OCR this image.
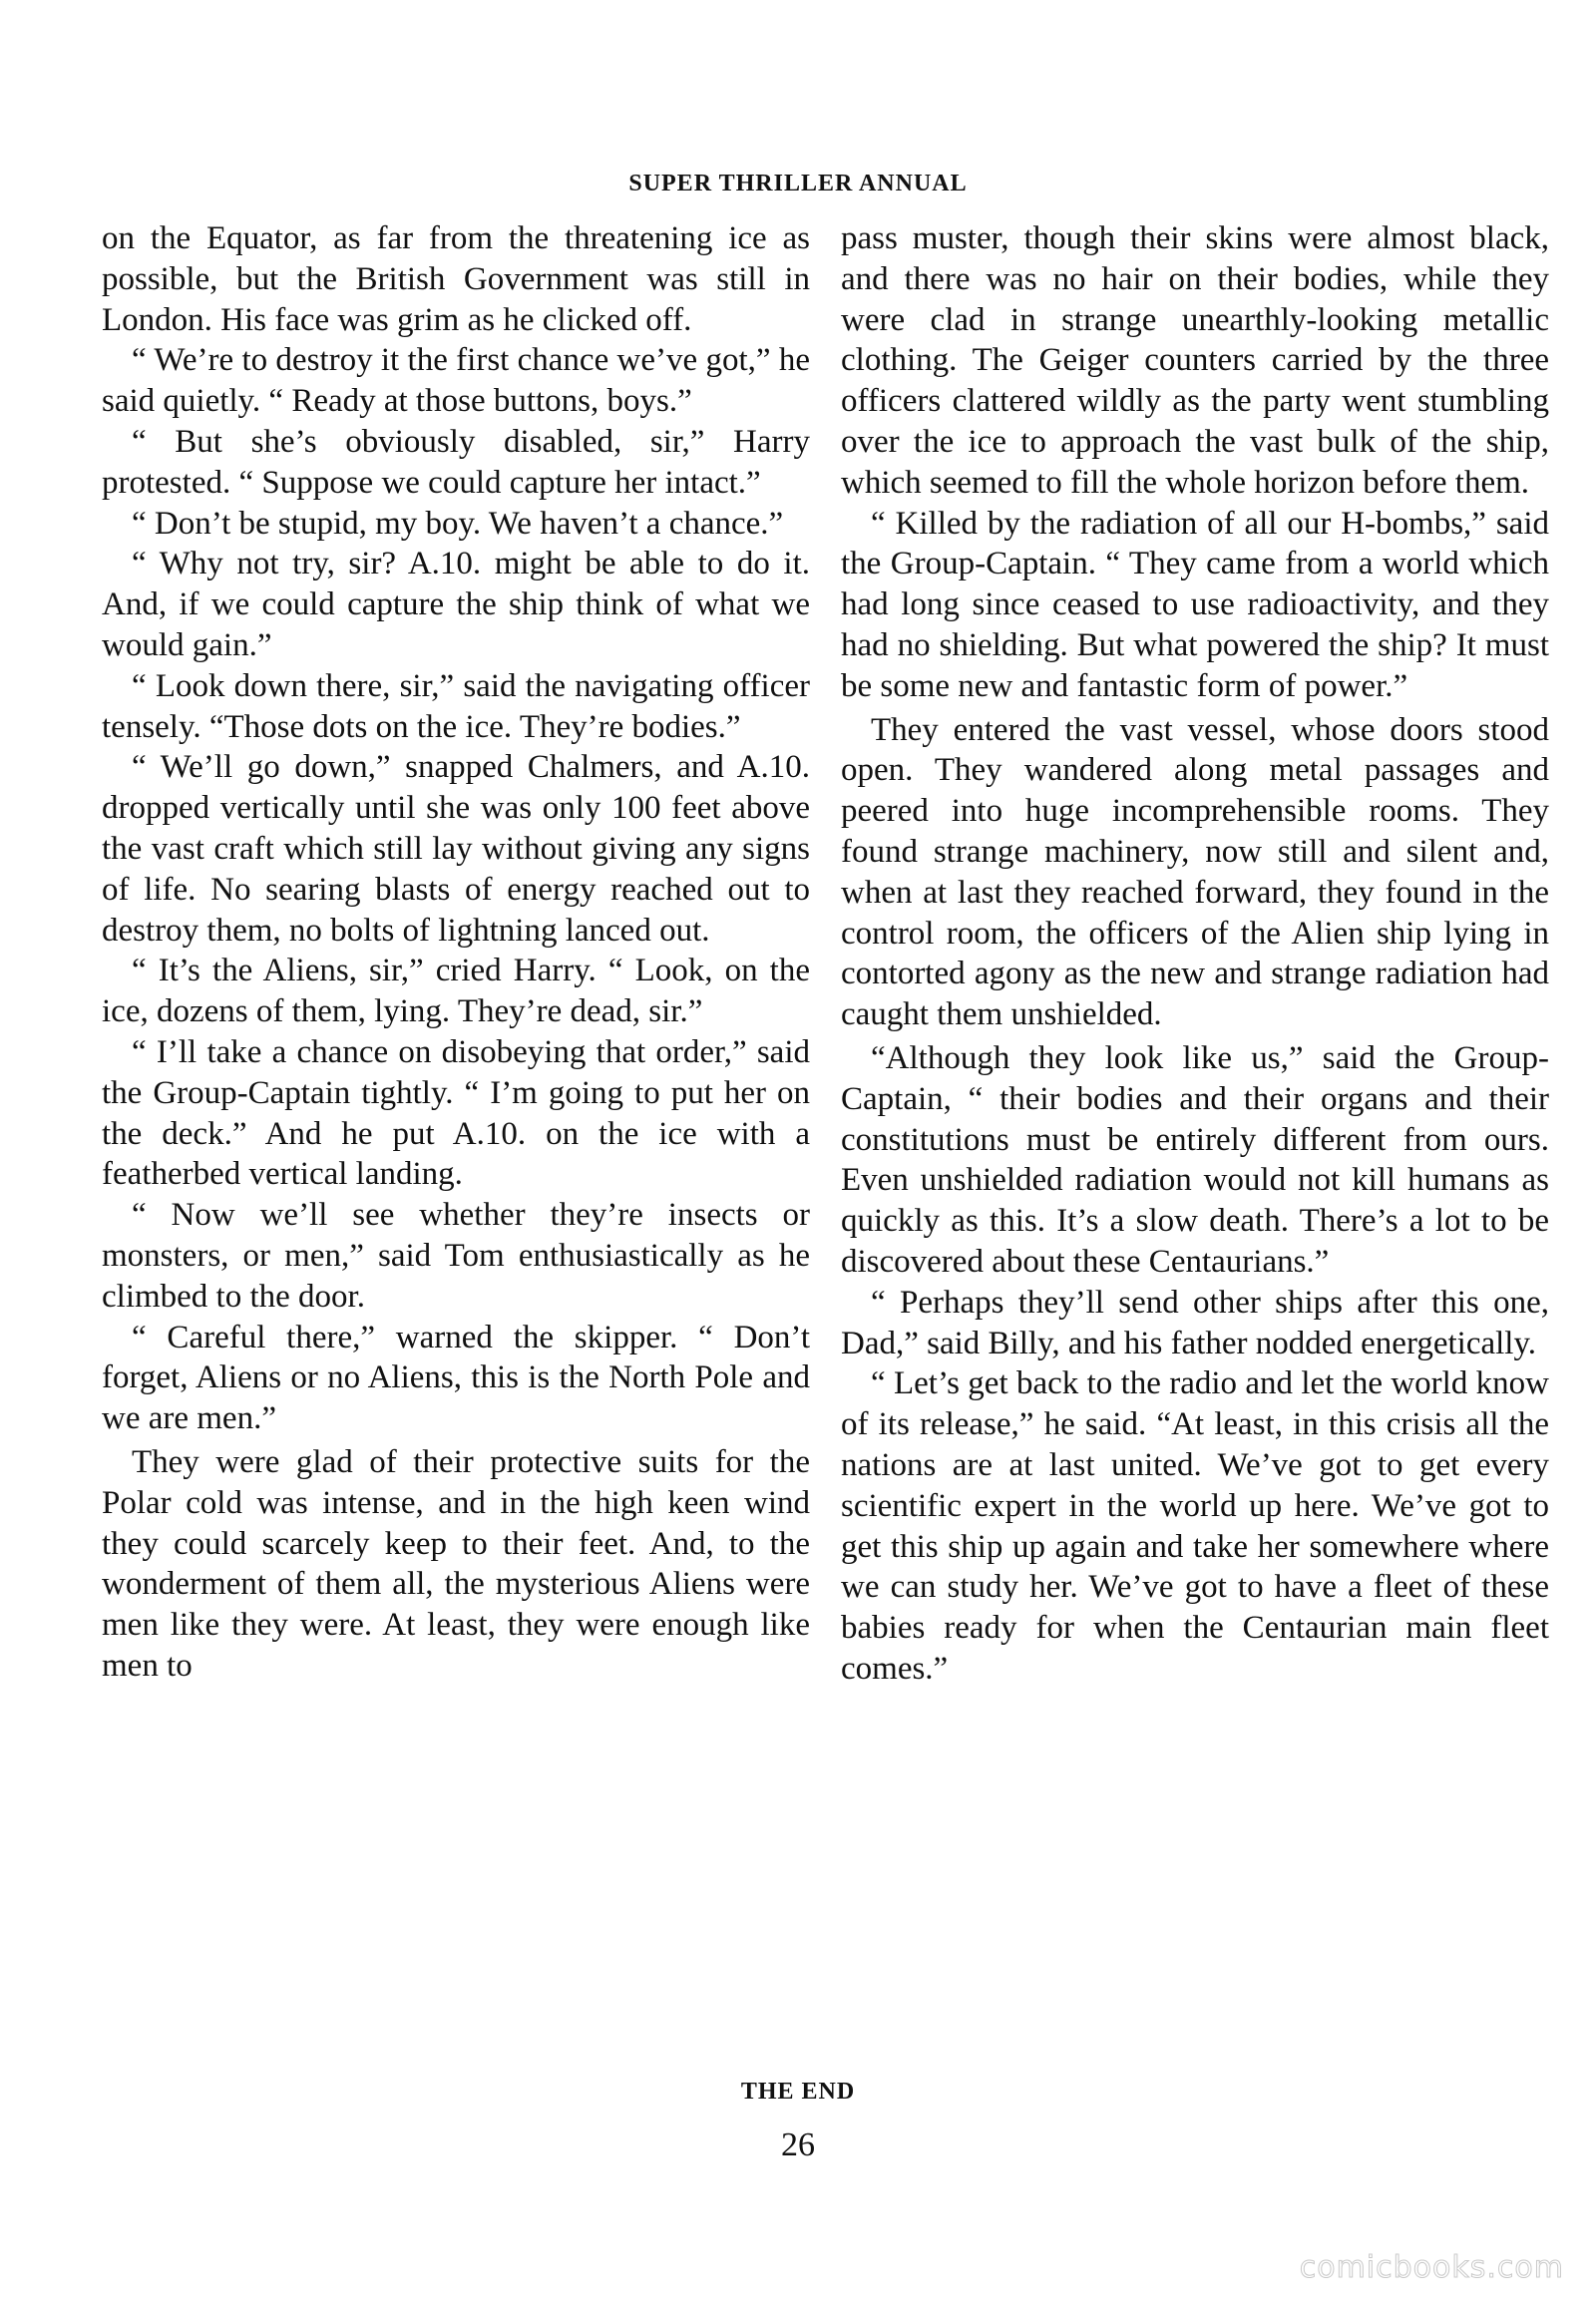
SUPER THRILLER ANNUAL

on the Equator, as far from the threatening ice as possible, but the British Government was still in London. His face was grim as he clicked off.

“ We’re to destroy it the first chance we’ve got,” he said quietly. “ Ready at those buttons, boys.”

“ But she’s obviously disabled, sir,” Harry protested. “ Suppose we could capture her intact.”

“ Don’t be stupid, my boy. We haven’t a chance.”

“ Why not try, sir? A.10. might be able to do it. And, if we could capture the ship think of what we would gain.”

“ Look down there, sir,” said the navigating officer tensely. “Those dots on the ice. They’re bodies.”

“ We’ll go down,” snapped Chalmers, and A.10. dropped vertically until she was only 100 feet above the vast craft which still lay without giving any signs of life. No searing blasts of energy reached out to destroy them, no bolts of lightning lanced out.

“ It’s the Aliens, sir,” cried Harry. “ Look, on the ice, dozens of them, lying. They’re dead, sir.”

“ I’ll take a chance on disobeying that order,” said the Group-Captain tightly. “ I’m going to put her on the deck.” And he put A.10. on the ice with a featherbed vertical landing.

“ Now we’ll see whether they’re insects or monsters, or men,” said Tom enthusiastically as he climbed to the door.

“ Careful there,” warned the skipper. “ Don’t forget, Aliens or no Aliens, this is the North Pole and we are men.”

They were glad of their protective suits for the Polar cold was intense, and in the high keen wind they could scarcely keep to their feet. And, to the wonderment of them all, the mysterious Aliens were men like they were. At least, they were enough like men to

pass muster, though their skins were almost black, and there was no hair on their bodies, while they were clad in strange unearthly-looking metallic clothing. The Geiger counters carried by the three officers clattered wildly as the party went stumbling over the ice to approach the vast bulk of the ship, which seemed to fill the whole horizon before them.

“ Killed by the radiation of all our H-bombs,” said the Group-Captain. “ They came from a world which had long since ceased to use radioactivity, and they had no shielding. But what powered the ship? It must be some new and fantastic form of power.”

They entered the vast vessel, whose doors stood open. They wandered along metal passages and peered into huge incomprehensible rooms. They found strange machinery, now still and silent and, when at last they reached forward, they found in the control room, the officers of the Alien ship lying in contorted agony as the new and strange radiation had caught them unshielded.

“Although they look like us,” said the Group-Captain, “ their bodies and their organs and their constitutions must be entirely different from ours. Even unshielded radiation would not kill humans as quickly as this. It’s a slow death. There’s a lot to be discovered about these Centaurians.”

“ Perhaps they’ll send other ships after this one, Dad,” said Billy, and his father nodded energetically.

“ Let’s get back to the radio and let the world know of its release,” he said. “At least, in this crisis all the nations are at last united. We’ve got to get every scientific expert in the world up here. We’ve got to get this ship up again and take her somewhere where we can study her. We’ve got to have a fleet of these babies ready for when the Centaurian main fleet comes.”

THE END
26
comicbooks.com
